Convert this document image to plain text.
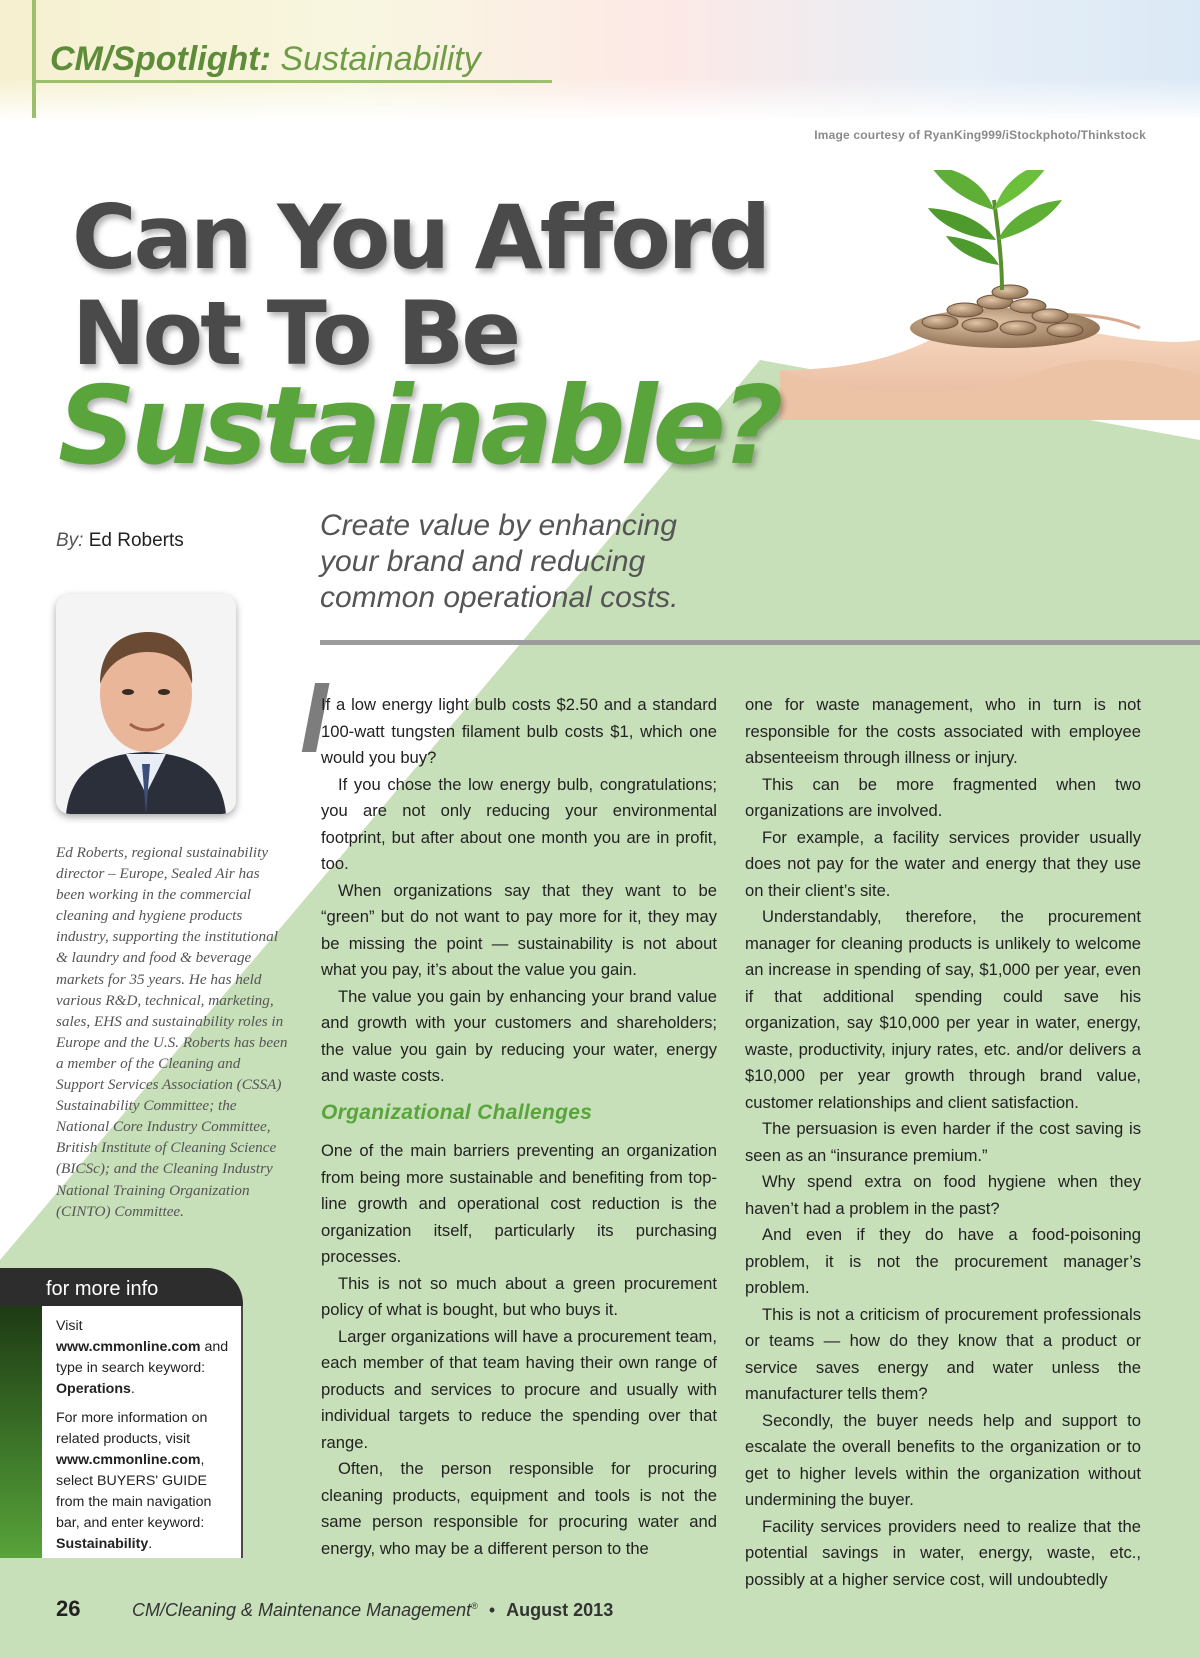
CM/Spotlight: Sustainability
Image courtesy of RyanKing999/iStockphoto/Thinkstock
Can You Afford
Not To Be
Sustainable?
By: Ed Roberts	Create value by enhancing your brand and reducing common operational costs.
Ed Roberts, regional sustainability director – Europe, Sealed Air has been working in the commercial cleaning and hygiene products industry, supporting the institutional & laundry and food & beverage markets for 35 years. He has held various R&D, technical, marketing, sales, EHS and sustainability roles in Europe and the U.S. Roberts has been a member of the Cleaning and Support Services Association (CSSA) Sustainability Committee; the National Core Industry Committee, British Institute of Cleaning Science (BICSc); and the Cleaning Industry National Training Organization (CINTO) Committee.
for more info

Visit www.cmmonline.com and type in search keyword: Operations.

For more information on related products, visit www.cmmonline.com, select BUYERS' GUIDE from the main navigation bar, and enter keyword: Sustainability.

I

If a low energy light bulb costs $2.50 and a standard 100-watt tungsten filament bulb costs $1, which one would you buy?

If you chose the low energy bulb, congratulations; you are not only reducing your environmental footprint, but after about one month you are in profit, too.

When organizations say that they want to be “green” but do not want to pay more for it, they may be missing the point — sustainability is not about what you pay, it’s about the value you gain.

The value you gain by enhancing your brand value and growth with your customers and shareholders; the value you gain by reducing your water, energy and waste costs.

Organizational Challenges

One of the main barriers preventing an organization from being more sustainable and benefiting from top-line growth and operational cost reduction is the organization itself, particularly its purchasing processes.

This is not so much about a green procurement policy of what is bought, but who buys it.

Larger organizations will have a procurement team, each member of that team having their own range of products and services to procure and usually with individual targets to reduce the spending over that range.

Often, the person responsible for procuring cleaning products, equipment and tools is not the same person responsible for procuring water and energy, who may be a different person to the

one for waste management, who in turn is not responsible for the costs associated with employee absenteeism through illness or injury.

This can be more fragmented when two organizations are involved.

For example, a facility services provider usually does not pay for the water and energy that they use on their client’s site.

Understandably, therefore, the procurement manager for cleaning products is unlikely to welcome an increase in spending of say, $1,000 per year, even if that additional spending could save his organization, say $10,000 per year in water, energy, waste, productivity, injury rates, etc. and/or delivers a $10,000 per year growth through brand value, customer relationships and client satisfaction.

The persuasion is even harder if the cost saving is seen as an “insurance premium.”

Why spend extra on food hygiene when they haven’t had a problem in the past?

And even if they do have a food-poisoning problem, it is not the procurement manager’s problem.

This is not a criticism of procurement professionals or teams — how do they know that a product or service saves energy and water unless the manufacturer tells them?

Secondly, the buyer needs help and support to escalate the overall benefits to the organization or to get to higher levels within the organization without undermining the buyer.

Facility services providers need to realize that the potential savings in water, energy, waste, etc., possibly at a higher service cost, will undoubtedly

26	CM/Cleaning & Maintenance Management® • August 2013
